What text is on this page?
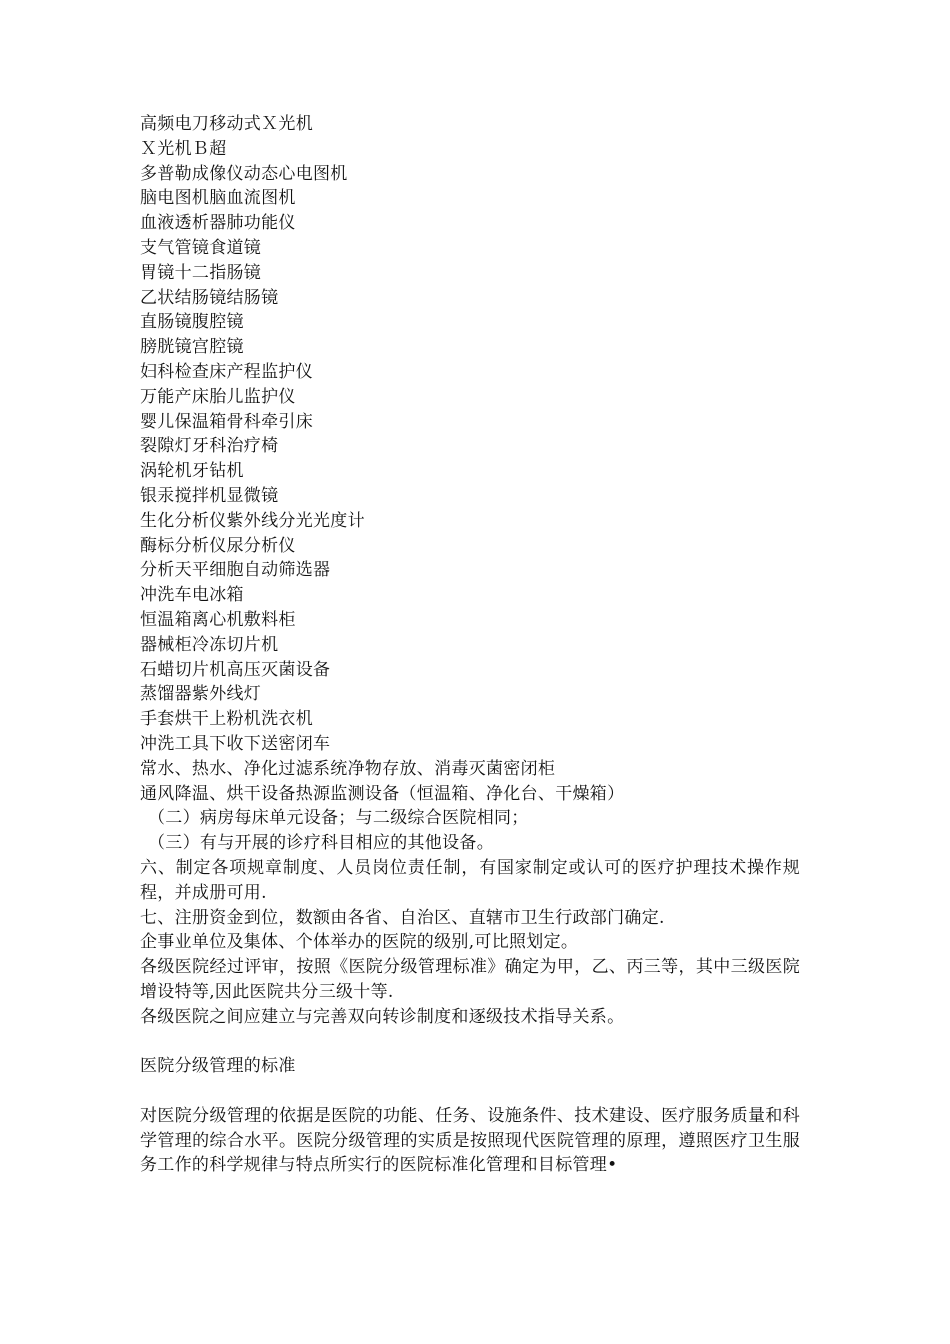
高频电刀移动式Ｘ光机

Ｘ光机Ｂ超

多普勒成像仪动态心电图机

脑电图机脑血流图机

血液透析器肺功能仪

支气管镜食道镜

胃镜十二指肠镜

乙状结肠镜结肠镜

直肠镜腹腔镜

膀胱镜宫腔镜

妇科检查床产程监护仪

万能产床胎儿监护仪

婴儿保温箱骨科牵引床

裂隙灯牙科治疗椅

涡轮机牙钻机

银汞搅拌机显微镜

生化分析仪紫外线分光光度计

酶标分析仪尿分析仪

分析天平细胞自动筛选器

冲洗车电冰箱

恒温箱离心机敷料柜

器械柜冷冻切片机

石蜡切片机高压灭菌设备

蒸馏器紫外线灯

手套烘干上粉机洗衣机

冲洗工具下收下送密闭车

常水、热水、净化过滤系统净物存放、消毒灭菌密闭柜

通风降温、烘干设备热源监测设备（恒温箱、净化台、干燥箱）

（二）病房每床单元设备；与二级综合医院相同；

（三）有与开展的诊疗科目相应的其他设备。

六、制定各项规章制度、人员岗位责任制，有国家制定或认可的医疗护理技术操作规程，并成册可用.

七、注册资金到位，数额由各省、自治区、直辖市卫生行政部门确定.

企事业单位及集体、个体举办的医院的级别,可比照划定。

各级医院经过评审，按照《医院分级管理标准》确定为甲，乙、丙三等，其中三级医院增设特等,因此医院共分三级十等.

各级医院之间应建立与完善双向转诊制度和逐级技术指导关系。

医院分级管理的标准

对医院分级管理的依据是医院的功能、任务、设施条件、技术建设、医疗服务质量和科学管理的综合水平。医院分级管理的实质是按照现代医院管理的原理，遵照医疗卫生服务工作的科学规律与特点所实行的医院标准化管理和目标管理•
